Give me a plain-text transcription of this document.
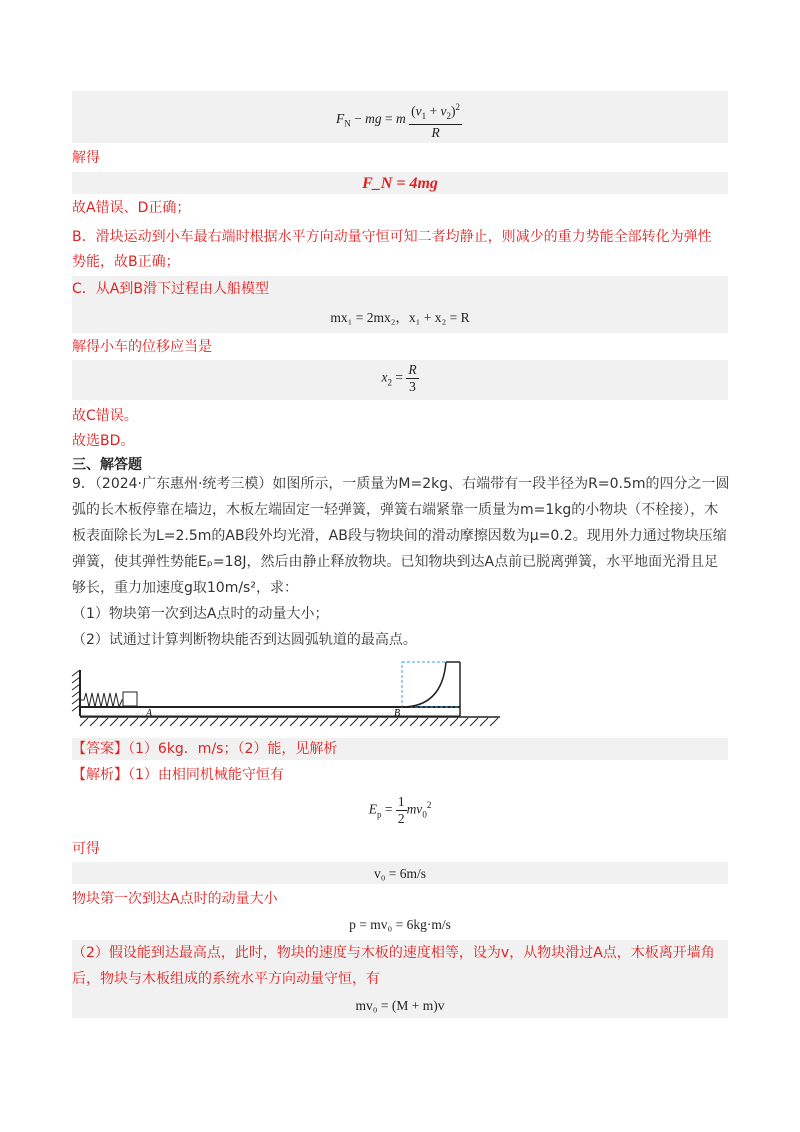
$F_N$ − mg = m $\frac{(v_1 + v_2)^2}{R}$
解得
F_N = 4mg
故A错误、D正确；
B．滑块运动到小车最右端时根据水平方向动量守恒可知二者均静止，则减少的重力势能全部转化为弹性
势能，故B正确；
C．从A到B滑下过程由人船模型
mx₁ = 2mx₂，x₁ + x₂ = R
解得小车的位移应当是
$x_2 = \frac{R}{3}$
故C错误。
故选BD。
三、解答题
9．（2024·广东惠州·统考三模）如图所示，一质量为M=2kg、右端带有一段半径为R=0.5m的四分之一圆
弧的长木板停靠在墙边，木板左端固定一轻弹簧，弹簧右端紧靠一质量为m=1kg的小物块（不栓接），木
板表面除长为L=2.5m的AB段外均光滑，AB段与物块间的滑动摩擦因数为μ=0.2。现用外力通过物块压缩
弹簧，使其弹性势能Eₚ=18J，然后由静止释放物块。已知物块到达A点前已脱离弹簧，水平地面光滑且足
够长，重力加速度g取10m/s²，求：
（1）物块第一次到达A点时的动量大小；
（2）试通过计算判断物块能否到达圆弧轨道的最高点。
A	B
【答案】（1）6kg．m/s；（2）能，见解析
【解析】（1）由相同机械能守恒有
$E_p = \frac{1}{2} mv_0^2$
可得
v₀ = 6m/s
物块第一次到达A点时的动量大小
p = mv₀ = 6kg·m/s
（2）假设能到达最高点，此时，物块的速度与木板的速度相等，设为v，从物块滑过A点，木板离开墙角
后，物块与木板组成的系统水平方向动量守恒，有
mv₀ = (M + m)v
